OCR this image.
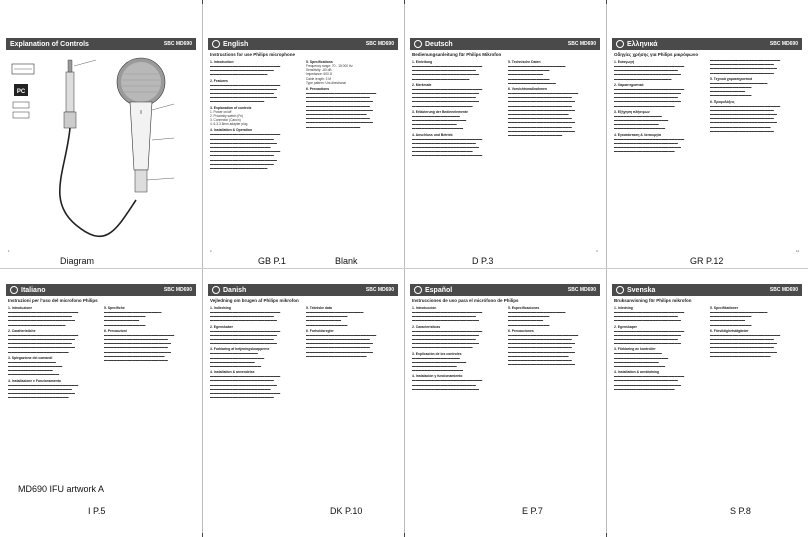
Explanation of Controls	SBC MD690
PC
1
Diagram
English	SBC MD690
Instructions for use Philips microphone
1. Introduction
▬▬▬▬▬▬▬▬▬▬▬▬▬▬▬▬▬▬▬▬▬▬
▬▬▬▬▬▬▬▬▬▬▬▬▬▬▬▬▬▬▬▬
▬▬▬▬▬▬▬▬▬▬▬▬▬▬▬▬▬▬
2. Features
▬▬▬▬▬▬▬▬▬▬▬▬▬▬▬▬▬▬▬▬▬▬
▬▬▬▬▬▬▬▬▬▬▬▬▬▬▬▬▬▬▬▬▬
▬▬▬▬▬▬▬▬▬▬▬▬▬▬▬▬▬▬▬▬
▬▬▬▬▬▬▬▬▬▬▬▬▬▬▬▬▬▬▬▬▬
▬▬▬▬▬▬▬▬▬▬▬▬▬▬▬▬▬
3. Explanation of controls
1. Power on/off
2. Proximity switch (Fn)
3. Connector (Canon)
4. 6.3-3.5mm adapter plug
4. Installation & Operation
▬▬▬▬▬▬▬▬▬▬▬▬▬▬▬▬▬▬▬▬▬▬
▬▬▬▬▬▬▬▬▬▬▬▬▬▬▬▬▬▬▬▬
▬▬▬▬▬▬▬▬▬▬▬▬▬▬▬▬▬▬▬▬▬
▬▬▬▬▬▬▬▬▬▬▬▬▬▬▬▬▬▬▬
▬▬▬▬▬▬▬▬▬▬▬▬▬▬▬▬▬▬▬▬▬▬
▬▬▬▬▬▬▬▬▬▬▬▬▬▬▬▬▬▬▬▬
▬▬▬▬▬▬▬▬▬▬▬▬▬▬▬▬▬▬▬▬▬
▬▬▬▬▬▬▬▬▬▬▬▬▬▬▬▬▬▬▬▬
▬▬▬▬▬▬▬▬▬▬▬▬▬▬▬▬▬▬
5. Specifications
Frequency range: 70 - 15 000 Hz
Sensitivity: -80 dB
Impedance: 600 Ω
Cable length: 3 M
Type pattern: Uni-directional
6. Precautions
▬▬▬▬▬▬▬▬▬▬▬▬▬▬▬▬▬▬▬▬▬▬
▬▬▬▬▬▬▬▬▬▬▬▬▬▬▬▬▬▬▬▬
▬▬▬▬▬▬▬▬▬▬▬▬▬▬▬▬▬▬▬▬▬
▬▬▬▬▬▬▬▬▬▬▬▬▬▬▬▬▬▬▬▬
▬▬▬▬▬▬▬▬▬▬▬▬▬▬▬▬▬▬▬▬▬
▬▬▬▬▬▬▬▬▬▬▬▬▬▬▬▬▬▬▬
▬▬▬▬▬▬▬▬▬▬▬▬▬▬▬▬▬▬▬▬
▬▬▬▬▬▬▬▬▬▬▬▬▬▬▬▬▬▬▬▬▬
▬▬▬▬▬▬▬▬▬▬▬▬▬▬▬▬▬
2
GB P.1	Blank
Deutsch	SBC MD690
Bedienungsanleitung für Philips Mikrofon
1. Einleitung
▬▬▬▬▬▬▬▬▬▬▬▬▬▬▬▬▬▬▬▬▬▬
▬▬▬▬▬▬▬▬▬▬▬▬▬▬▬▬▬▬▬▬
▬▬▬▬▬▬▬▬▬▬▬▬▬▬▬▬▬▬▬▬▬
▬▬▬▬▬▬▬▬▬▬▬▬▬▬▬▬▬▬
2. Merkmale
▬▬▬▬▬▬▬▬▬▬▬▬▬▬▬▬▬▬▬▬▬▬
▬▬▬▬▬▬▬▬▬▬▬▬▬▬▬▬▬▬▬▬▬
▬▬▬▬▬▬▬▬▬▬▬▬▬▬▬▬▬▬▬▬
▬▬▬▬▬▬▬▬▬▬▬▬▬▬▬▬▬▬▬▬▬
▬▬▬▬▬▬▬▬▬▬▬▬▬▬▬▬▬▬▬
3. Erläuterung der Bedienelemente
▬▬▬▬▬▬▬▬▬▬▬▬▬▬▬
▬▬▬▬▬▬▬▬▬▬▬▬▬▬▬▬▬
▬▬▬▬▬▬▬▬▬▬▬▬▬▬
▬▬▬▬▬▬▬▬▬▬▬▬▬▬▬▬
4. Anschluss und Betrieb
▬▬▬▬▬▬▬▬▬▬▬▬▬▬▬▬▬▬▬▬▬▬
▬▬▬▬▬▬▬▬▬▬▬▬▬▬▬▬▬▬▬▬
▬▬▬▬▬▬▬▬▬▬▬▬▬▬▬▬▬▬▬▬▬
▬▬▬▬▬▬▬▬▬▬▬▬▬▬▬▬▬▬▬
▬▬▬▬▬▬▬▬▬▬▬▬▬▬▬▬▬▬▬▬▬▬
5. Technische Daten
▬▬▬▬▬▬▬▬▬▬▬▬▬▬▬▬▬▬
▬▬▬▬▬▬▬▬▬▬▬▬▬
▬▬▬▬▬▬▬▬▬▬▬
▬▬▬▬▬▬▬▬▬▬▬▬▬
▬▬▬▬▬▬▬▬▬▬▬▬▬▬▬
6. Vorsichtsmaßnahmen
▬▬▬▬▬▬▬▬▬▬▬▬▬▬▬▬▬▬▬▬▬▬
▬▬▬▬▬▬▬▬▬▬▬▬▬▬▬▬▬▬▬▬
▬▬▬▬▬▬▬▬▬▬▬▬▬▬▬▬▬▬▬▬▬
▬▬▬▬▬▬▬▬▬▬▬▬▬▬▬▬▬▬▬▬
▬▬▬▬▬▬▬▬▬▬▬▬▬▬▬▬▬▬▬▬▬
▬▬▬▬▬▬▬▬▬▬▬▬▬▬▬▬▬▬▬
▬▬▬▬▬▬▬▬▬▬▬▬▬▬▬▬▬▬▬▬
▬▬▬▬▬▬▬▬▬▬▬▬▬▬▬▬▬▬▬▬▬
▬▬▬▬▬▬▬▬▬▬▬▬▬▬▬▬▬▬▬▬
▬▬▬▬▬▬▬▬▬▬▬▬▬▬▬▬▬▬▬▬▬
▬▬▬▬▬▬▬▬▬▬▬▬▬▬▬▬▬
3
D P.3
Ελληνικά	SBC MD690
Οδηγίες χρήσης για Philips μικρόφωνο
1. Εισαγωγή
▬▬▬▬▬▬▬▬▬▬▬▬▬▬▬▬▬▬▬▬▬▬
▬▬▬▬▬▬▬▬▬▬▬▬▬▬▬▬▬▬▬▬
▬▬▬▬▬▬▬▬▬▬▬▬▬▬▬▬▬▬▬▬▬
▬▬▬▬▬▬▬▬▬▬▬▬▬▬▬▬▬▬
2. Χαρακτηριστικά
▬▬▬▬▬▬▬▬▬▬▬▬▬▬▬▬▬▬▬▬▬▬
▬▬▬▬▬▬▬▬▬▬▬▬▬▬▬▬▬▬▬▬▬
▬▬▬▬▬▬▬▬▬▬▬▬▬▬▬▬▬▬▬▬
▬▬▬▬▬▬▬▬▬▬▬▬▬▬▬▬▬▬▬▬▬
▬▬▬▬▬▬▬▬▬▬▬▬▬▬▬▬▬▬▬
3. Εξήγηση πλήκτρων
▬▬▬▬▬▬▬▬▬▬▬▬▬▬▬
▬▬▬▬▬▬▬▬▬▬▬▬▬▬▬▬▬
▬▬▬▬▬▬▬▬▬▬▬▬▬▬
▬▬▬▬▬▬▬▬▬▬▬▬▬▬▬▬
4. Εγκατάσταση & Λειτουργία
▬▬▬▬▬▬▬▬▬▬▬▬▬▬▬▬▬▬▬▬▬▬
▬▬▬▬▬▬▬▬▬▬▬▬▬▬▬▬▬▬▬▬
▬▬▬▬▬▬▬▬▬▬▬▬▬▬▬▬▬▬▬▬▬
▬▬▬▬▬▬▬▬▬▬▬▬▬▬▬▬▬▬▬
▬▬▬▬▬▬▬▬▬▬▬▬▬▬▬▬▬▬▬▬▬▬
▬▬▬▬▬▬▬▬▬▬▬▬▬▬▬▬▬▬▬▬
▬▬▬▬▬▬▬▬▬▬▬▬▬▬▬▬▬▬▬▬▬
▬▬▬▬▬▬▬▬▬▬▬▬▬▬▬▬▬▬▬▬
5. Τεχνικά χαρακτηριστικά
▬▬▬▬▬▬▬▬▬▬▬▬▬▬▬▬▬▬
▬▬▬▬▬▬▬▬▬▬▬▬▬
▬▬▬▬▬▬▬▬▬▬▬
▬▬▬▬▬▬▬▬▬▬▬▬▬
6. Προφυλάξεις
▬▬▬▬▬▬▬▬▬▬▬▬▬▬▬▬▬▬▬▬▬▬
▬▬▬▬▬▬▬▬▬▬▬▬▬▬▬▬▬▬▬▬
▬▬▬▬▬▬▬▬▬▬▬▬▬▬▬▬▬▬▬▬▬
▬▬▬▬▬▬▬▬▬▬▬▬▬▬▬▬▬▬▬▬
▬▬▬▬▬▬▬▬▬▬▬▬▬▬▬▬▬▬▬▬▬
▬▬▬▬▬▬▬▬▬▬▬▬▬▬▬▬▬▬▬
▬▬▬▬▬▬▬▬▬▬▬▬▬▬▬▬▬▬▬▬
12
GR P.12
Italiano	SBC MD690
Instruzioni per l'uso del microfono Philips
1. Introduzione
▬▬▬▬▬▬▬▬▬▬▬▬▬▬▬▬▬▬▬▬▬▬
▬▬▬▬▬▬▬▬▬▬▬▬▬▬▬▬▬▬▬▬
▬▬▬▬▬▬▬▬▬▬▬▬▬▬▬▬▬▬▬▬▬
▬▬▬▬▬▬▬▬▬▬▬▬▬▬▬▬▬▬
2. Caratteristiche
▬▬▬▬▬▬▬▬▬▬▬▬▬▬▬▬▬▬▬▬▬▬
▬▬▬▬▬▬▬▬▬▬▬▬▬▬▬▬▬▬▬▬▬
▬▬▬▬▬▬▬▬▬▬▬▬▬▬▬▬▬▬▬▬
▬▬▬▬▬▬▬▬▬▬▬▬▬▬▬▬▬▬▬▬▬
▬▬▬▬▬▬▬▬▬▬▬▬▬▬▬▬▬▬▬
3. Spiegazione dei comandi
▬▬▬▬▬▬▬▬▬▬▬▬▬▬▬
▬▬▬▬▬▬▬▬▬▬▬▬▬▬▬▬▬
▬▬▬▬▬▬▬▬▬▬▬▬▬▬
▬▬▬▬▬▬▬▬▬▬▬▬▬▬▬▬
4. Installazione e Funzionamento
▬▬▬▬▬▬▬▬▬▬▬▬▬▬▬▬▬▬▬▬▬▬
▬▬▬▬▬▬▬▬▬▬▬▬▬▬▬▬▬▬▬▬
▬▬▬▬▬▬▬▬▬▬▬▬▬▬▬▬▬▬▬▬▬
▬▬▬▬▬▬▬▬▬▬▬▬▬▬▬▬▬▬▬
5. Specifiche
▬▬▬▬▬▬▬▬▬▬▬▬▬▬▬▬▬▬
▬▬▬▬▬▬▬▬▬▬▬▬▬
▬▬▬▬▬▬▬▬▬▬▬
▬▬▬▬▬▬▬▬▬▬▬▬▬
6. Precauzioni
▬▬▬▬▬▬▬▬▬▬▬▬▬▬▬▬▬▬▬▬▬▬
▬▬▬▬▬▬▬▬▬▬▬▬▬▬▬▬▬▬▬▬
▬▬▬▬▬▬▬▬▬▬▬▬▬▬▬▬▬▬▬▬▬
▬▬▬▬▬▬▬▬▬▬▬▬▬▬▬▬▬▬▬▬
▬▬▬▬▬▬▬▬▬▬▬▬▬▬▬▬▬▬▬▬▬
▬▬▬▬▬▬▬▬▬▬▬▬▬▬▬▬▬▬▬
▬▬▬▬▬▬▬▬▬▬▬▬▬▬▬▬▬▬▬▬
MD690 IFU artwork A
I P.5
Danish	SBC MD690
Vejledning om brugen af Philips mikrofon
1. Indledning
▬▬▬▬▬▬▬▬▬▬▬▬▬▬▬▬▬▬▬▬▬▬
▬▬▬▬▬▬▬▬▬▬▬▬▬▬▬▬▬▬▬▬
▬▬▬▬▬▬▬▬▬▬▬▬▬▬▬▬▬▬▬▬▬
2. Egenskaber
▬▬▬▬▬▬▬▬▬▬▬▬▬▬▬▬▬▬▬▬▬▬
▬▬▬▬▬▬▬▬▬▬▬▬▬▬▬▬▬▬▬▬▬
▬▬▬▬▬▬▬▬▬▬▬▬▬▬▬▬▬▬▬▬
▬▬▬▬▬▬▬▬▬▬▬▬▬▬▬▬▬▬▬▬▬
3. Forklaring af betjeningsknapperne
▬▬▬▬▬▬▬▬▬▬▬▬▬▬▬
▬▬▬▬▬▬▬▬▬▬▬▬▬▬▬▬▬
▬▬▬▬▬▬▬▬▬▬▬▬▬▬
▬▬▬▬▬▬▬▬▬▬▬▬▬▬▬▬
4. Installation & anvendelse
▬▬▬▬▬▬▬▬▬▬▬▬▬▬▬▬▬▬▬▬▬▬
▬▬▬▬▬▬▬▬▬▬▬▬▬▬▬▬▬▬▬▬
▬▬▬▬▬▬▬▬▬▬▬▬▬▬▬▬▬▬▬▬▬
▬▬▬▬▬▬▬▬▬▬▬▬▬▬▬▬▬▬▬
▬▬▬▬▬▬▬▬▬▬▬▬▬▬▬▬▬▬▬▬▬▬
▬▬▬▬▬▬▬▬▬▬▬▬▬▬▬▬▬▬▬▬
5. Tekniske data
▬▬▬▬▬▬▬▬▬▬▬▬▬▬▬▬▬▬
▬▬▬▬▬▬▬▬▬▬▬▬▬
▬▬▬▬▬▬▬▬▬▬▬
▬▬▬▬▬▬▬▬▬▬▬▬▬
6. Forholdsregler
▬▬▬▬▬▬▬▬▬▬▬▬▬▬▬▬▬▬▬▬▬▬
▬▬▬▬▬▬▬▬▬▬▬▬▬▬▬▬▬▬▬▬
▬▬▬▬▬▬▬▬▬▬▬▬▬▬▬▬▬▬▬▬▬
▬▬▬▬▬▬▬▬▬▬▬▬▬▬▬▬▬▬▬▬
▬▬▬▬▬▬▬▬▬▬▬▬▬▬▬▬▬▬▬▬▬
▬▬▬▬▬▬▬▬▬▬▬▬▬▬▬▬▬▬▬
DK P.10
Español	SBC MD690
Instrucciones de uso para el micrófono de Philips
1. Introducción
▬▬▬▬▬▬▬▬▬▬▬▬▬▬▬▬▬▬▬▬▬▬
▬▬▬▬▬▬▬▬▬▬▬▬▬▬▬▬▬▬▬▬
▬▬▬▬▬▬▬▬▬▬▬▬▬▬▬▬▬▬▬▬▬
2. Características
▬▬▬▬▬▬▬▬▬▬▬▬▬▬▬▬▬▬▬▬▬▬
▬▬▬▬▬▬▬▬▬▬▬▬▬▬▬▬▬▬▬▬▬
▬▬▬▬▬▬▬▬▬▬▬▬▬▬▬▬▬▬▬▬
▬▬▬▬▬▬▬▬▬▬▬▬▬▬▬▬▬▬▬▬▬
▬▬▬▬▬▬▬▬▬▬▬▬▬▬▬▬▬▬▬
3. Explicación de los controles
▬▬▬▬▬▬▬▬▬▬▬▬▬▬▬
▬▬▬▬▬▬▬▬▬▬▬▬▬▬▬▬▬
▬▬▬▬▬▬▬▬▬▬▬▬▬▬
▬▬▬▬▬▬▬▬▬▬▬▬▬▬▬▬
4. Instalación y funcionamiento
▬▬▬▬▬▬▬▬▬▬▬▬▬▬▬▬▬▬▬▬▬▬
▬▬▬▬▬▬▬▬▬▬▬▬▬▬▬▬▬▬▬▬
▬▬▬▬▬▬▬▬▬▬▬▬▬▬▬▬▬▬▬▬▬
5. Especificaciones
▬▬▬▬▬▬▬▬▬▬▬▬▬▬▬▬▬▬
▬▬▬▬▬▬▬▬▬▬▬▬▬
▬▬▬▬▬▬▬▬▬▬▬
▬▬▬▬▬▬▬▬▬▬▬▬▬
6. Precauciones
▬▬▬▬▬▬▬▬▬▬▬▬▬▬▬▬▬▬▬▬▬▬
▬▬▬▬▬▬▬▬▬▬▬▬▬▬▬▬▬▬▬▬
▬▬▬▬▬▬▬▬▬▬▬▬▬▬▬▬▬▬▬▬▬
▬▬▬▬▬▬▬▬▬▬▬▬▬▬▬▬▬▬▬▬
▬▬▬▬▬▬▬▬▬▬▬▬▬▬▬▬▬▬▬▬▬
▬▬▬▬▬▬▬▬▬▬▬▬▬▬▬▬▬▬▬
▬▬▬▬▬▬▬▬▬▬▬▬▬▬▬▬▬▬▬▬
▬▬▬▬▬▬▬▬▬▬▬▬▬▬▬▬▬▬▬▬▬
E P.7
Svenska	SBC MD690
Bruksanvisning för Philips mikrofon
1. Inledning
▬▬▬▬▬▬▬▬▬▬▬▬▬▬▬▬▬▬▬▬▬▬
▬▬▬▬▬▬▬▬▬▬▬▬▬▬▬▬▬▬▬▬
▬▬▬▬▬▬▬▬▬▬▬▬▬▬▬▬▬▬▬▬▬
2. Egenskaper
▬▬▬▬▬▬▬▬▬▬▬▬▬▬▬▬▬▬▬▬▬▬
▬▬▬▬▬▬▬▬▬▬▬▬▬▬▬▬▬▬▬▬▬
▬▬▬▬▬▬▬▬▬▬▬▬▬▬▬▬▬▬▬▬
▬▬▬▬▬▬▬▬▬▬▬▬▬▬▬▬▬▬▬▬▬
3. Förklaring av kontroller
▬▬▬▬▬▬▬▬▬▬▬▬▬▬▬
▬▬▬▬▬▬▬▬▬▬▬▬▬▬▬▬▬
▬▬▬▬▬▬▬▬▬▬▬▬▬▬
▬▬▬▬▬▬▬▬▬▬▬▬▬▬▬▬
4. Installation & användning
▬▬▬▬▬▬▬▬▬▬▬▬▬▬▬▬▬▬▬▬▬▬
▬▬▬▬▬▬▬▬▬▬▬▬▬▬▬▬▬▬▬▬
▬▬▬▬▬▬▬▬▬▬▬▬▬▬▬▬▬▬▬▬▬
▬▬▬▬▬▬▬▬▬▬▬▬▬▬▬▬▬▬▬
5. Specifikationer
▬▬▬▬▬▬▬▬▬▬▬▬▬▬▬▬▬▬
▬▬▬▬▬▬▬▬▬▬▬▬▬
▬▬▬▬▬▬▬▬▬▬▬
▬▬▬▬▬▬▬▬▬▬▬▬▬
6. Försiktighetsåtgärder
▬▬▬▬▬▬▬▬▬▬▬▬▬▬▬▬▬▬▬▬▬▬
▬▬▬▬▬▬▬▬▬▬▬▬▬▬▬▬▬▬▬▬
▬▬▬▬▬▬▬▬▬▬▬▬▬▬▬▬▬▬▬▬▬
▬▬▬▬▬▬▬▬▬▬▬▬▬▬▬▬▬▬▬▬
▬▬▬▬▬▬▬▬▬▬▬▬▬▬▬▬▬▬▬▬▬
▬▬▬▬▬▬▬▬▬▬▬▬▬▬▬▬▬▬▬
S P.8
